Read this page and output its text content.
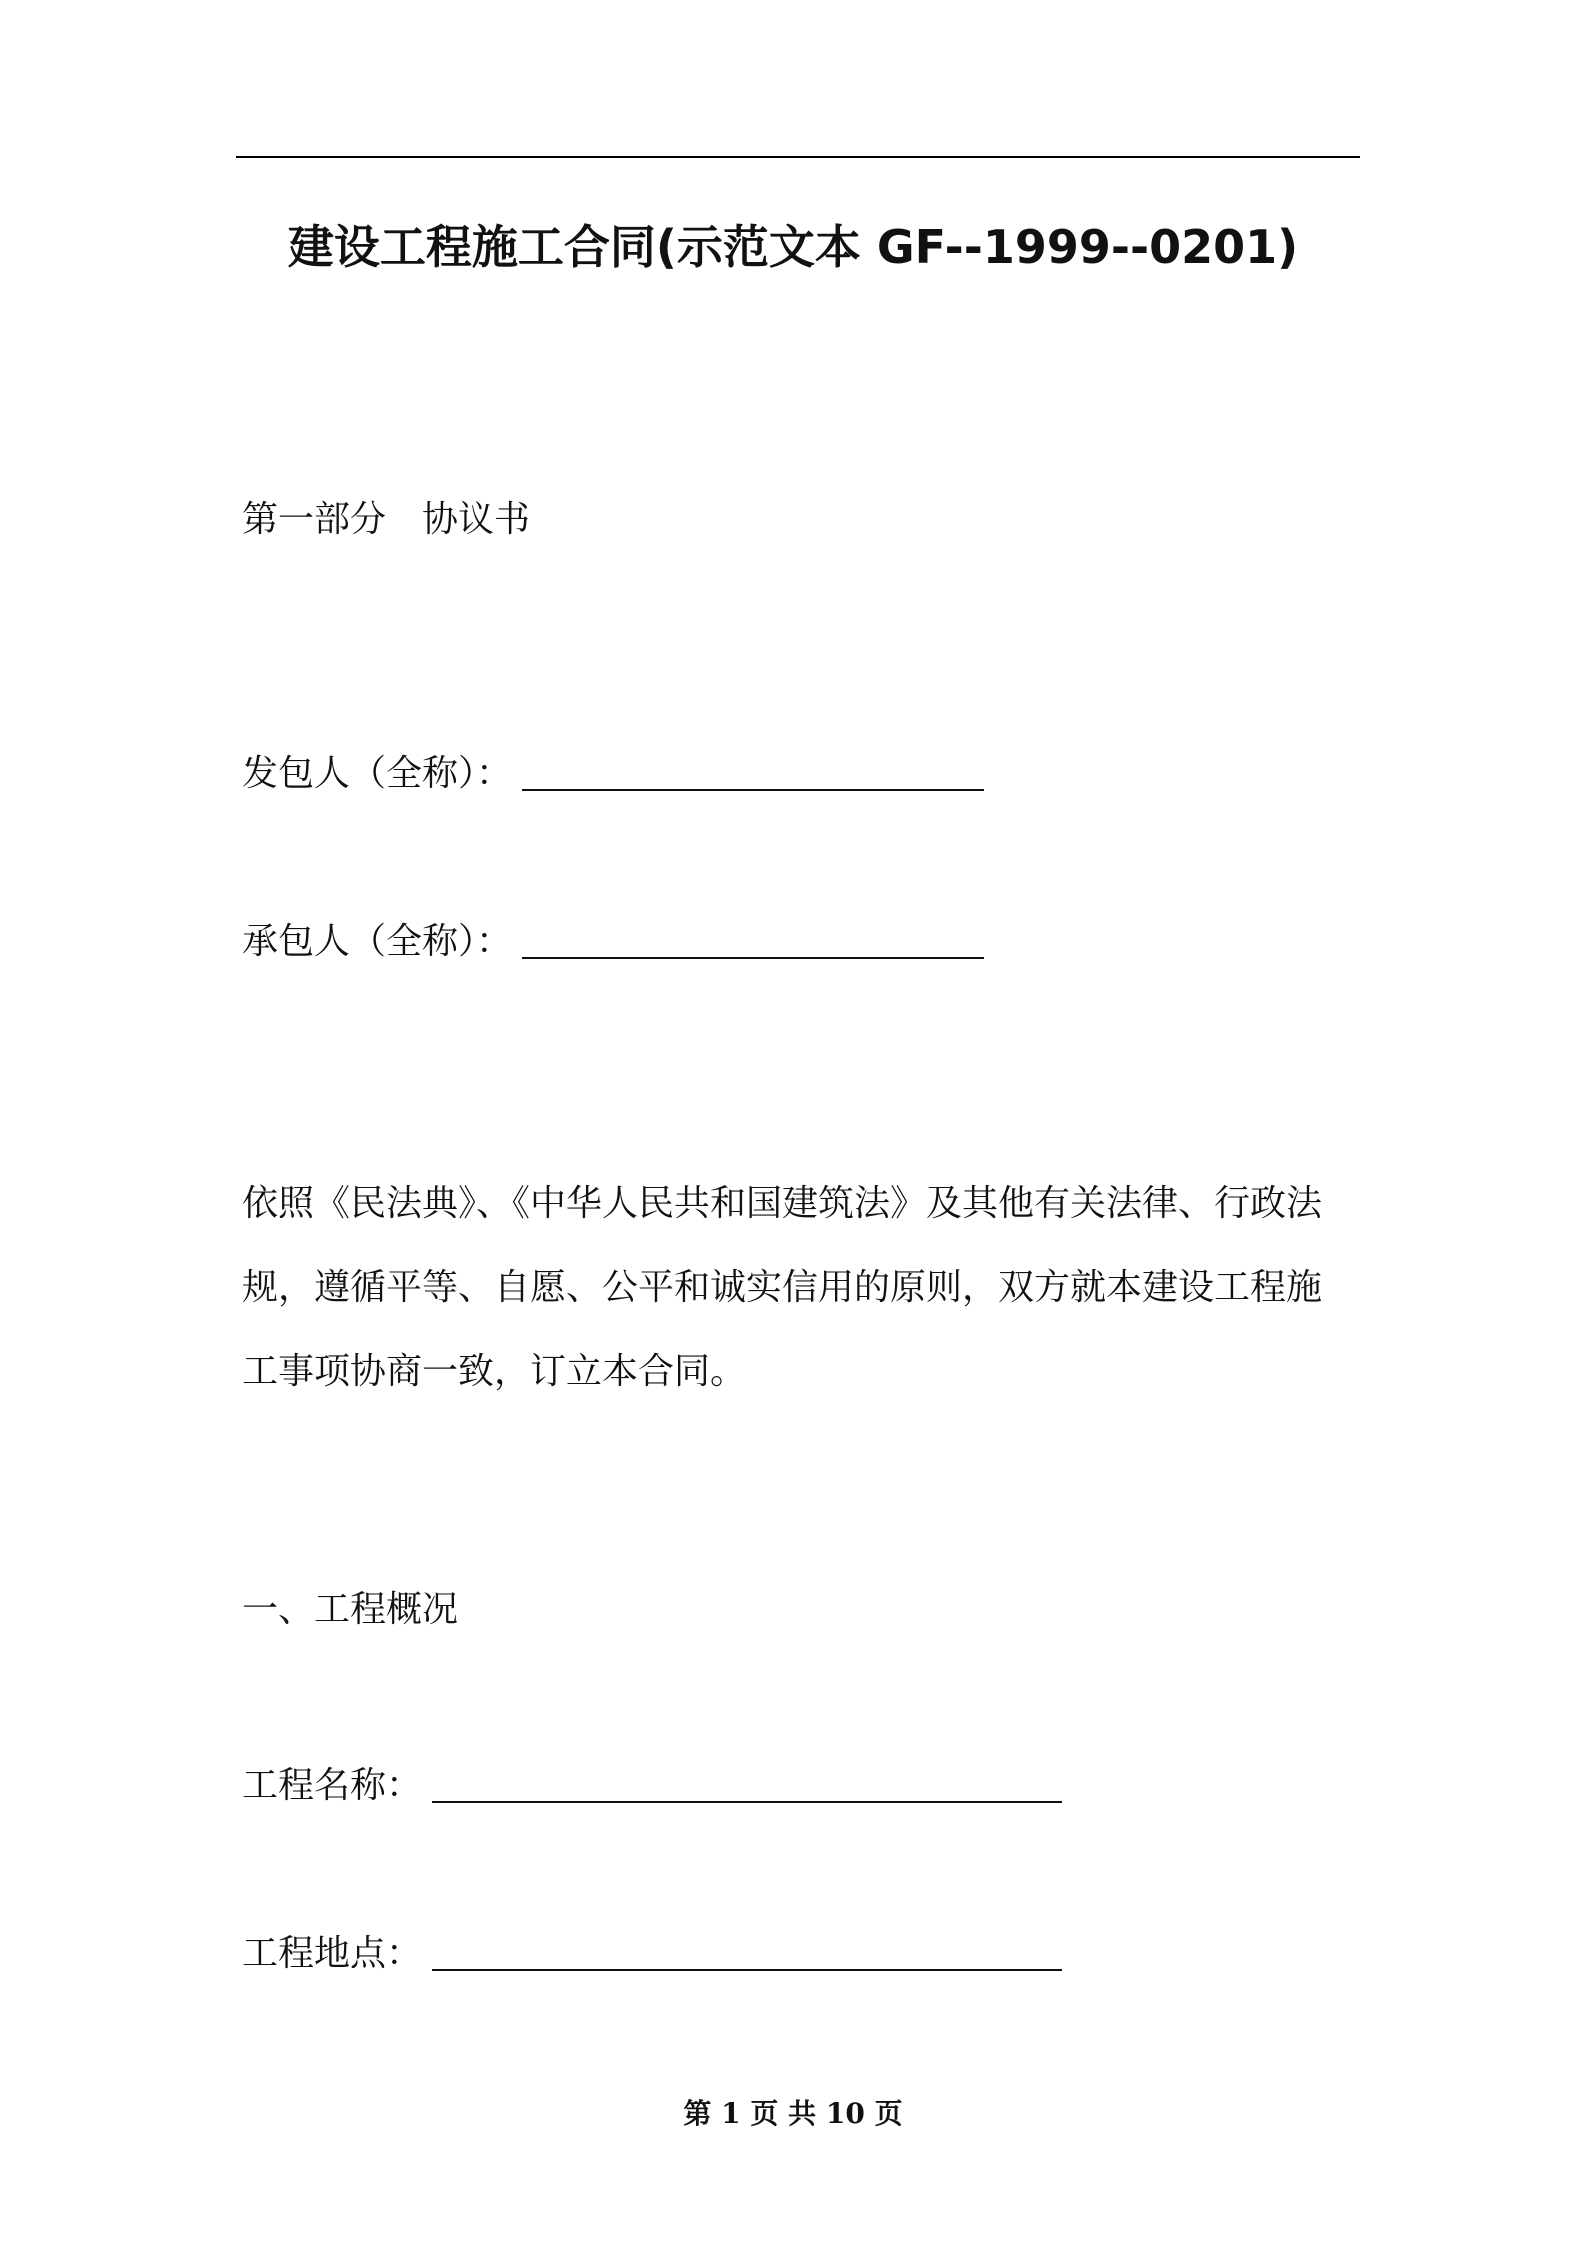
建设工程施工合同(示范文本 GF--1999--0201)
第一部分　协议书
发包人（全称）：
承包人（全称）：
依照《民法典》、《中华人民共和国建筑法》及其他有关法律、行政法
规，遵循平等、自愿、公平和诚实信用的原则，双方就本建设工程施
工事项协商一致，订立本合同。
一、工程概况
工程名称：
工程地点：
第 1 页 共 10 页
